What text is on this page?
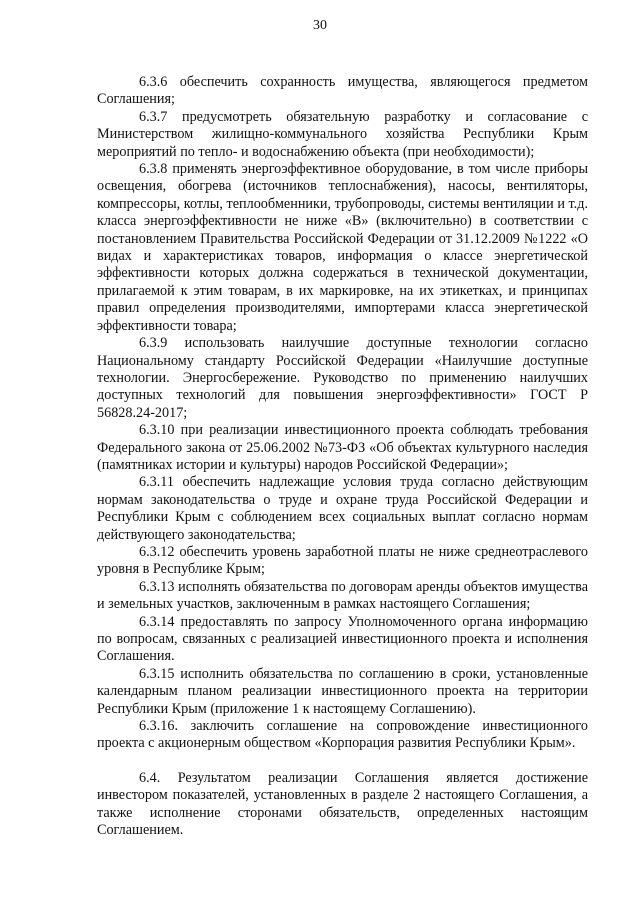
30

6.3.6 обеспечить сохранность имущества, являющегося предметом Соглашения;

6.3.7 предусмотреть обязательную разработку и согласование с Министерством жилищно-коммунального хозяйства Республики Крым мероприятий по тепло- и водоснабжению объекта (при необходимости);

6.3.8 применять энергоэффективное оборудование, в том числе приборы освещения, обогрева (источников теплоснабжения), насосы, вентиляторы, компрессоры, котлы, теплообменники, трубопроводы, системы вентиляции и т.д. класса энергоэффективности не ниже «В» (включительно) в соответствии с постановлением Правительства Российской Федерации от 31.12.2009 №1222 «О видах и характеристиках товаров, информация о классе энергетической эффективности которых должна содержаться в технической документации, прилагаемой к этим товарам, в их маркировке, на их этикетках, и принципах правил определения производителями, импортерами класса энергетической эффективности товара;

6.3.9 использовать наилучшие доступные технологии согласно Национальному стандарту Российской Федерации «Наилучшие доступные технологии. Энергосбережение. Руководство по применению наилучших доступных технологий для повышения энергоэффективности» ГОСТ Р 56828.24-2017;

6.3.10 при реализации инвестиционного проекта соблюдать требования Федерального закона от 25.06.2002 №73-ФЗ «Об объектах культурного наследия (памятниках истории и культуры) народов Российской Федерации»;

6.3.11 обеспечить надлежащие условия труда согласно действующим нормам законодательства о труде и охране труда Российской Федерации и Республики Крым с соблюдением всех социальных выплат согласно нормам действующего законодательства;

6.3.12 обеспечить уровень заработной платы не ниже среднеотраслевого уровня в Республике Крым;

6.3.13 исполнять обязательства по договорам аренды объектов имущества и земельных участков, заключенным в рамках настоящего Соглашения;

6.3.14 предоставлять по запросу Уполномоченного органа информацию по вопросам, связанных с реализацией инвестиционного проекта и исполнения Соглашения.

6.3.15 исполнить обязательства по соглашению в сроки, установленные календарным планом реализации инвестиционного проекта на территории Республики Крым (приложение 1 к настоящему Соглашению).

6.3.16. заключить соглашение на сопровождение инвестиционного проекта с акционерным обществом «Корпорация развития Республики Крым».

6.4. Результатом реализации Соглашения является достижение инвестором показателей, установленных в разделе 2 настоящего Соглашения, а также исполнение сторонами обязательств, определенных настоящим Соглашением.
